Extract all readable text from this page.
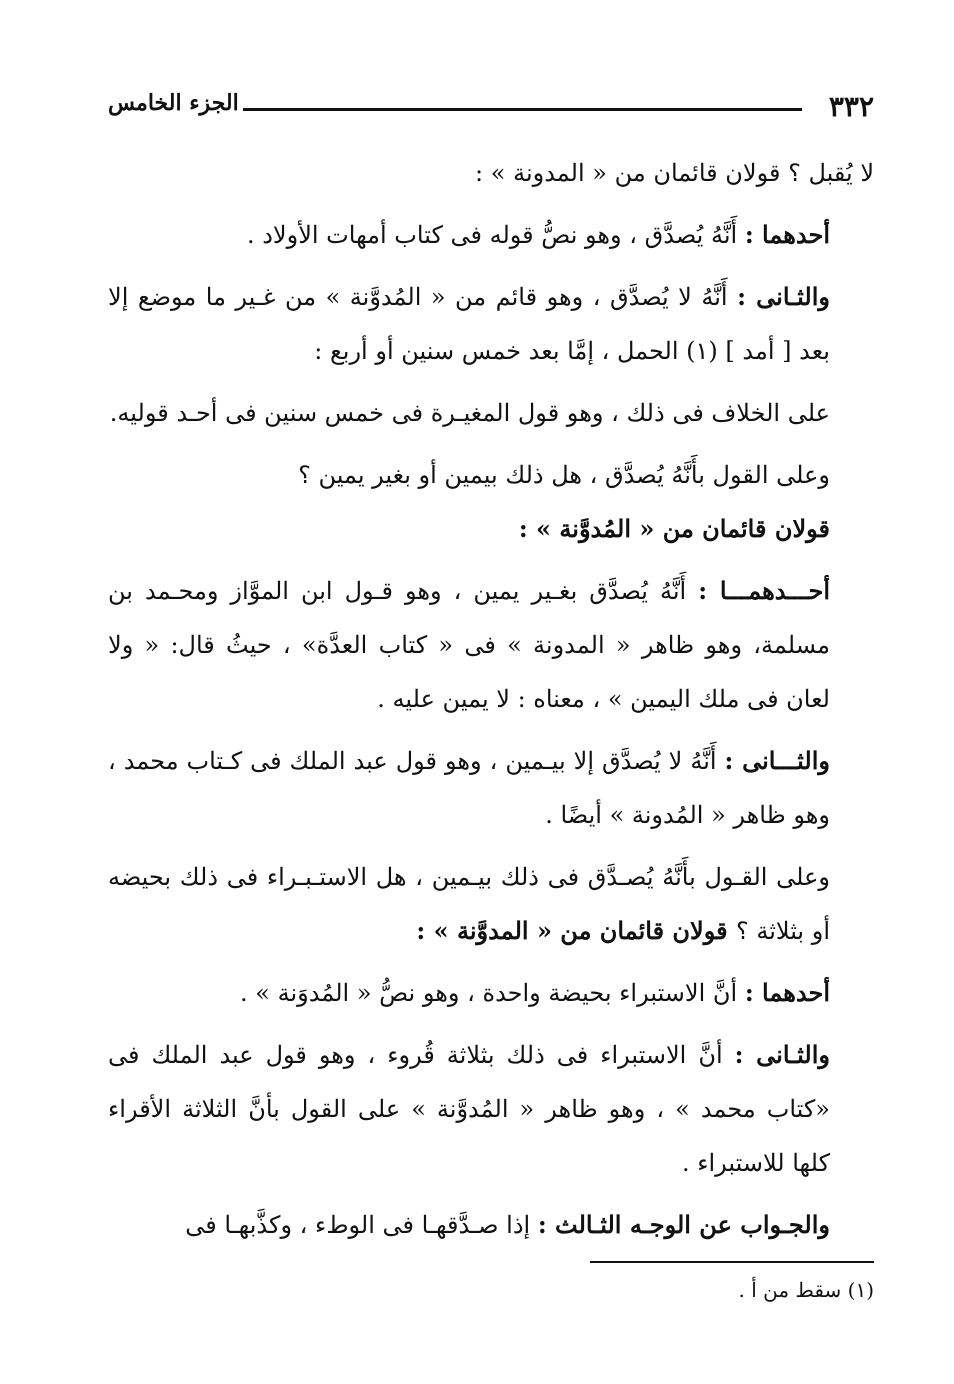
٣٣٢
الجزء الخامس

لا يُقبل ؟ قولان قائمان من « المدونة » :

أحدهما : أَنَّهُ يُصدَّق ، وهو نصُّ قوله فى كتاب أمهات الأولاد .

والثـانى : أَنَّهُ لا يُصدَّق ، وهو قائم من « المُدوَّنة » من غـير ما موضع إلا بعد [ أمد ] (١) الحمل ، إمَّا بعد خمس سنين أو أربع :

على الخلاف فى ذلك ، وهو قول المغيـرة فى خمس سنين فى أحـد قوليه.

وعلى القول بأَنَّهُ يُصدَّق ، هل ذلك بيمين أو بغير يمين ؟

قولان قائمان من « المُدوَّنة » :

أحـــدهمـــا : أَنَّهُ يُصدَّق بغـير يمين ، وهو قـول ابن الموَّاز ومحـمد بن مسلمة، وهو ظاهر « المدونة » فى « كتاب العدَّة» ، حيثُ قال: « ولا لعان فى ملك اليمين » ، معناه : لا يمين عليه .

والثـــانى : أَنَّهُ لا يُصدَّق إلا بيـمين ، وهو قول عبد الملك فى كـتاب محمد ، وهو ظاهر « المُدونة » أيضًا .

وعلى القـول بأَنَّهُ يُصـدَّق فى ذلك بيـمين ، هل الاستـبـراء فى ذلك بحيضه أو بثلاثة ؟ قولان قائمان من « المدوَّنة » :

أحدهما : أنَّ الاستبراء بحيضة واحدة ، وهو نصُّ « المُدوَنة » .

والثـانى : أنَّ الاستبراء فى ذلك بثلاثة قُروء ، وهو قول عبد الملك فى «كتاب محمد » ، وهو ظاهر « المُدوَّنة » على القول بأنَّ الثلاثة الأقراء كلها للاستبراء .

والجـواب عن الوجـه الثـالث : إذا صـدَّقهـا فى الوطء ، وكذَّبهـا فى

(١) سقط من أ .
